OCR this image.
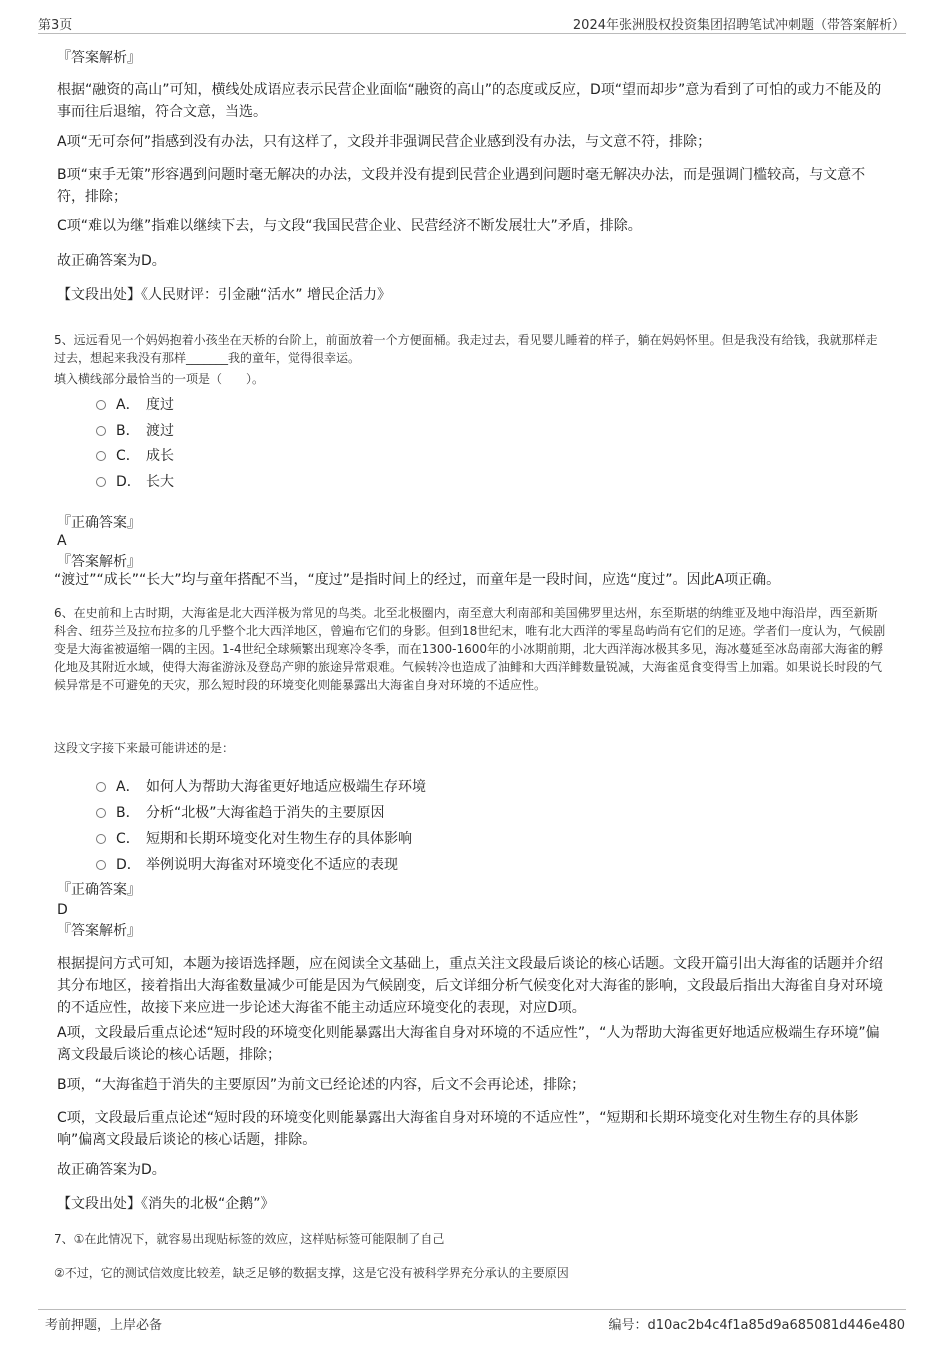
第3页	2024年张洲股权投资集团招聘笔试冲刺题（带答案解析）
『答案解析』
根据“融资的高山”可知，横线处成语应表示民营企业面临“融资的高山”的态度或反应，D项“望而却步”意为看到了可怕的或力不能及的事而往后退缩，符合文意，当选。
A项“无可奈何”指感到没有办法，只有这样了，文段并非强调民营企业感到没有办法，与文意不符，排除；
B项“束手无策”形容遇到问题时毫无解决的办法，文段并没有提到民营企业遇到问题时毫无解决办法，而是强调门槛较高，与文意不符，排除；
C项“难以为继”指难以继续下去，与文段“我国民营企业、民营经济不断发展壮大”矛盾，排除。
故正确答案为D。
【文段出处】《人民财评：引金融“活水” 增民企活力》
5、远远看见一个妈妈抱着小孩坐在天桥的台阶上，前面放着一个方便面桶。我走过去，看见婴儿睡着的样子，躺在妈妈怀里。但是我没有给钱，我就那样走过去，想起来我没有那样_______我的童年，觉得很幸运。
填入横线部分最恰当的一项是（　　）。
A． 度过
B． 渡过
C． 成长
D． 长大
『正确答案』
A
『答案解析』
“渡过”“成长”“长大”均与童年搭配不当，“度过”是指时间上的经过，而童年是一段时间，应选“度过”。因此A项正确。
6、在史前和上古时期，大海雀是北大西洋极为常见的鸟类。北至北极圈内，南至意大利南部和美国佛罗里达州，东至斯堪的纳维亚及地中海沿岸，西至新斯科舍、纽芬兰及拉布拉多的几乎整个北大西洋地区，曾遍布它们的身影。但到18世纪末，唯有北大西洋的零星岛屿尚有它们的足迹。学者们一度认为，气候剧变是大海雀被逼缩一隅的主因。1-4世纪全球频繁出现寒冷冬季，而在1300-1600年的小冰期前期，北大西洋海冰极其多见，海冰蔓延至冰岛南部大海雀的孵化地及其附近水域，使得大海雀游泳及登岛产卵的旅途异常艰难。气候转冷也造成了油鲱和大西洋鲱数量锐减，大海雀觅食变得雪上加霜。如果说长时段的气候异常是不可避免的天灾，那么短时段的环境变化则能暴露出大海雀自身对环境的不适应性。
这段文字接下来最可能讲述的是：
A． 如何人为帮助大海雀更好地适应极端生存环境
B． 分析“北极”大海雀趋于消失的主要原因
C． 短期和长期环境变化对生物生存的具体影响
D． 举例说明大海雀对环境变化不适应的表现
『正确答案』
D
『答案解析』
根据提问方式可知，本题为接语选择题，应在阅读全文基础上，重点关注文段最后谈论的核心话题。文段开篇引出大海雀的话题并介绍其分布地区，接着指出大海雀数量减少可能是因为气候剧变，后文详细分析气候变化对大海雀的影响，文段最后指出大海雀自身对环境的不适应性，故接下来应进一步论述大海雀不能主动适应环境变化的表现，对应D项。
A项，文段最后重点论述“短时段的环境变化则能暴露出大海雀自身对环境的不适应性”，“人为帮助大海雀更好地适应极端生存环境”偏离文段最后谈论的核心话题，排除；
B项，“大海雀趋于消失的主要原因”为前文已经论述的内容，后文不会再论述，排除；
C项，文段最后重点论述“短时段的环境变化则能暴露出大海雀自身对环境的不适应性”，“短期和长期环境变化对生物生存的具体影响”偏离文段最后谈论的核心话题，排除。
故正确答案为D。
【文段出处】《消失的北极“企鹅”》
7、①在此情况下，就容易出现贴标签的效应，这样贴标签可能限制了自己
②不过，它的测试信效度比较差，缺乏足够的数据支撑，这是它没有被科学界充分承认的主要原因
考前押题，上岸必备	编号：d10ac2b4c4f1a85d9a685081d446e480
